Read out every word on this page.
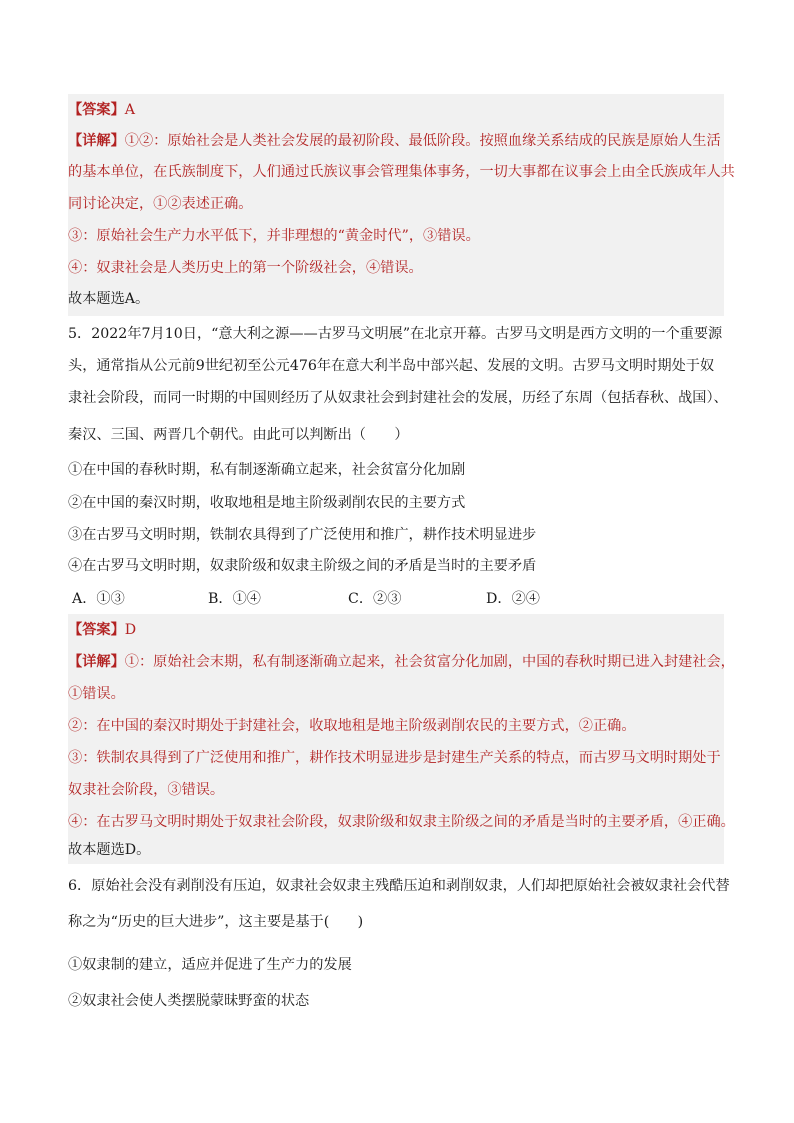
【答案】A
【详解】①②：原始社会是人类社会发展的最初阶段、最低阶段。按照血缘关系结成的民族是原始人生活
的基本单位，在氏族制度下，人们通过氏族议事会管理集体事务，一切大事都在议事会上由全氏族成年人共
同讨论决定，①②表述正确。
③：原始社会生产力水平低下，并非理想的“黄金时代”，③错误。
④：奴隶社会是人类历史上的第一个阶级社会，④错误。
故本题选A。
5．2022年7月10日，“意大利之源——古罗马文明展”在北京开幕。古罗马文明是西方文明的一个重要源
头，通常指从公元前9世纪初至公元476年在意大利半岛中部兴起、发展的文明。古罗马文明时期处于奴
隶社会阶段，而同一时期的中国则经历了从奴隶社会到封建社会的发展，历经了东周（包括春秋、战国）、
秦汉、三国、两晋几个朝代。由此可以判断出（　　）
①在中国的春秋时期，私有制逐渐确立起来，社会贫富分化加剧
②在中国的秦汉时期，收取地租是地主阶级剥削农民的主要方式
③在古罗马文明时期，铁制农具得到了广泛使用和推广，耕作技术明显进步
④在古罗马文明时期，奴隶阶级和奴隶主阶级之间的矛盾是当时的主要矛盾
A．①③	B．①④	C．②③	D．②④
【答案】D
【详解】①：原始社会末期，私有制逐渐确立起来，社会贫富分化加剧，中国的春秋时期已进入封建社会，
①错误。
②：在中国的秦汉时期处于封建社会，收取地租是地主阶级剥削农民的主要方式，②正确。
③：铁制农具得到了广泛使用和推广，耕作技术明显进步是封建生产关系的特点，而古罗马文明时期处于
奴隶社会阶段，③错误。
④：在古罗马文明时期处于奴隶社会阶段，奴隶阶级和奴隶主阶级之间的矛盾是当时的主要矛盾，④正确。
故本题选D。
6．原始社会没有剥削没有压迫，奴隶社会奴隶主残酷压迫和剥削奴隶，人们却把原始社会被奴隶社会代替
称之为“历史的巨大进步”，这主要是基于(　　)
①奴隶制的建立，适应并促进了生产力的发展
②奴隶社会使人类摆脱蒙昧野蛮的状态
